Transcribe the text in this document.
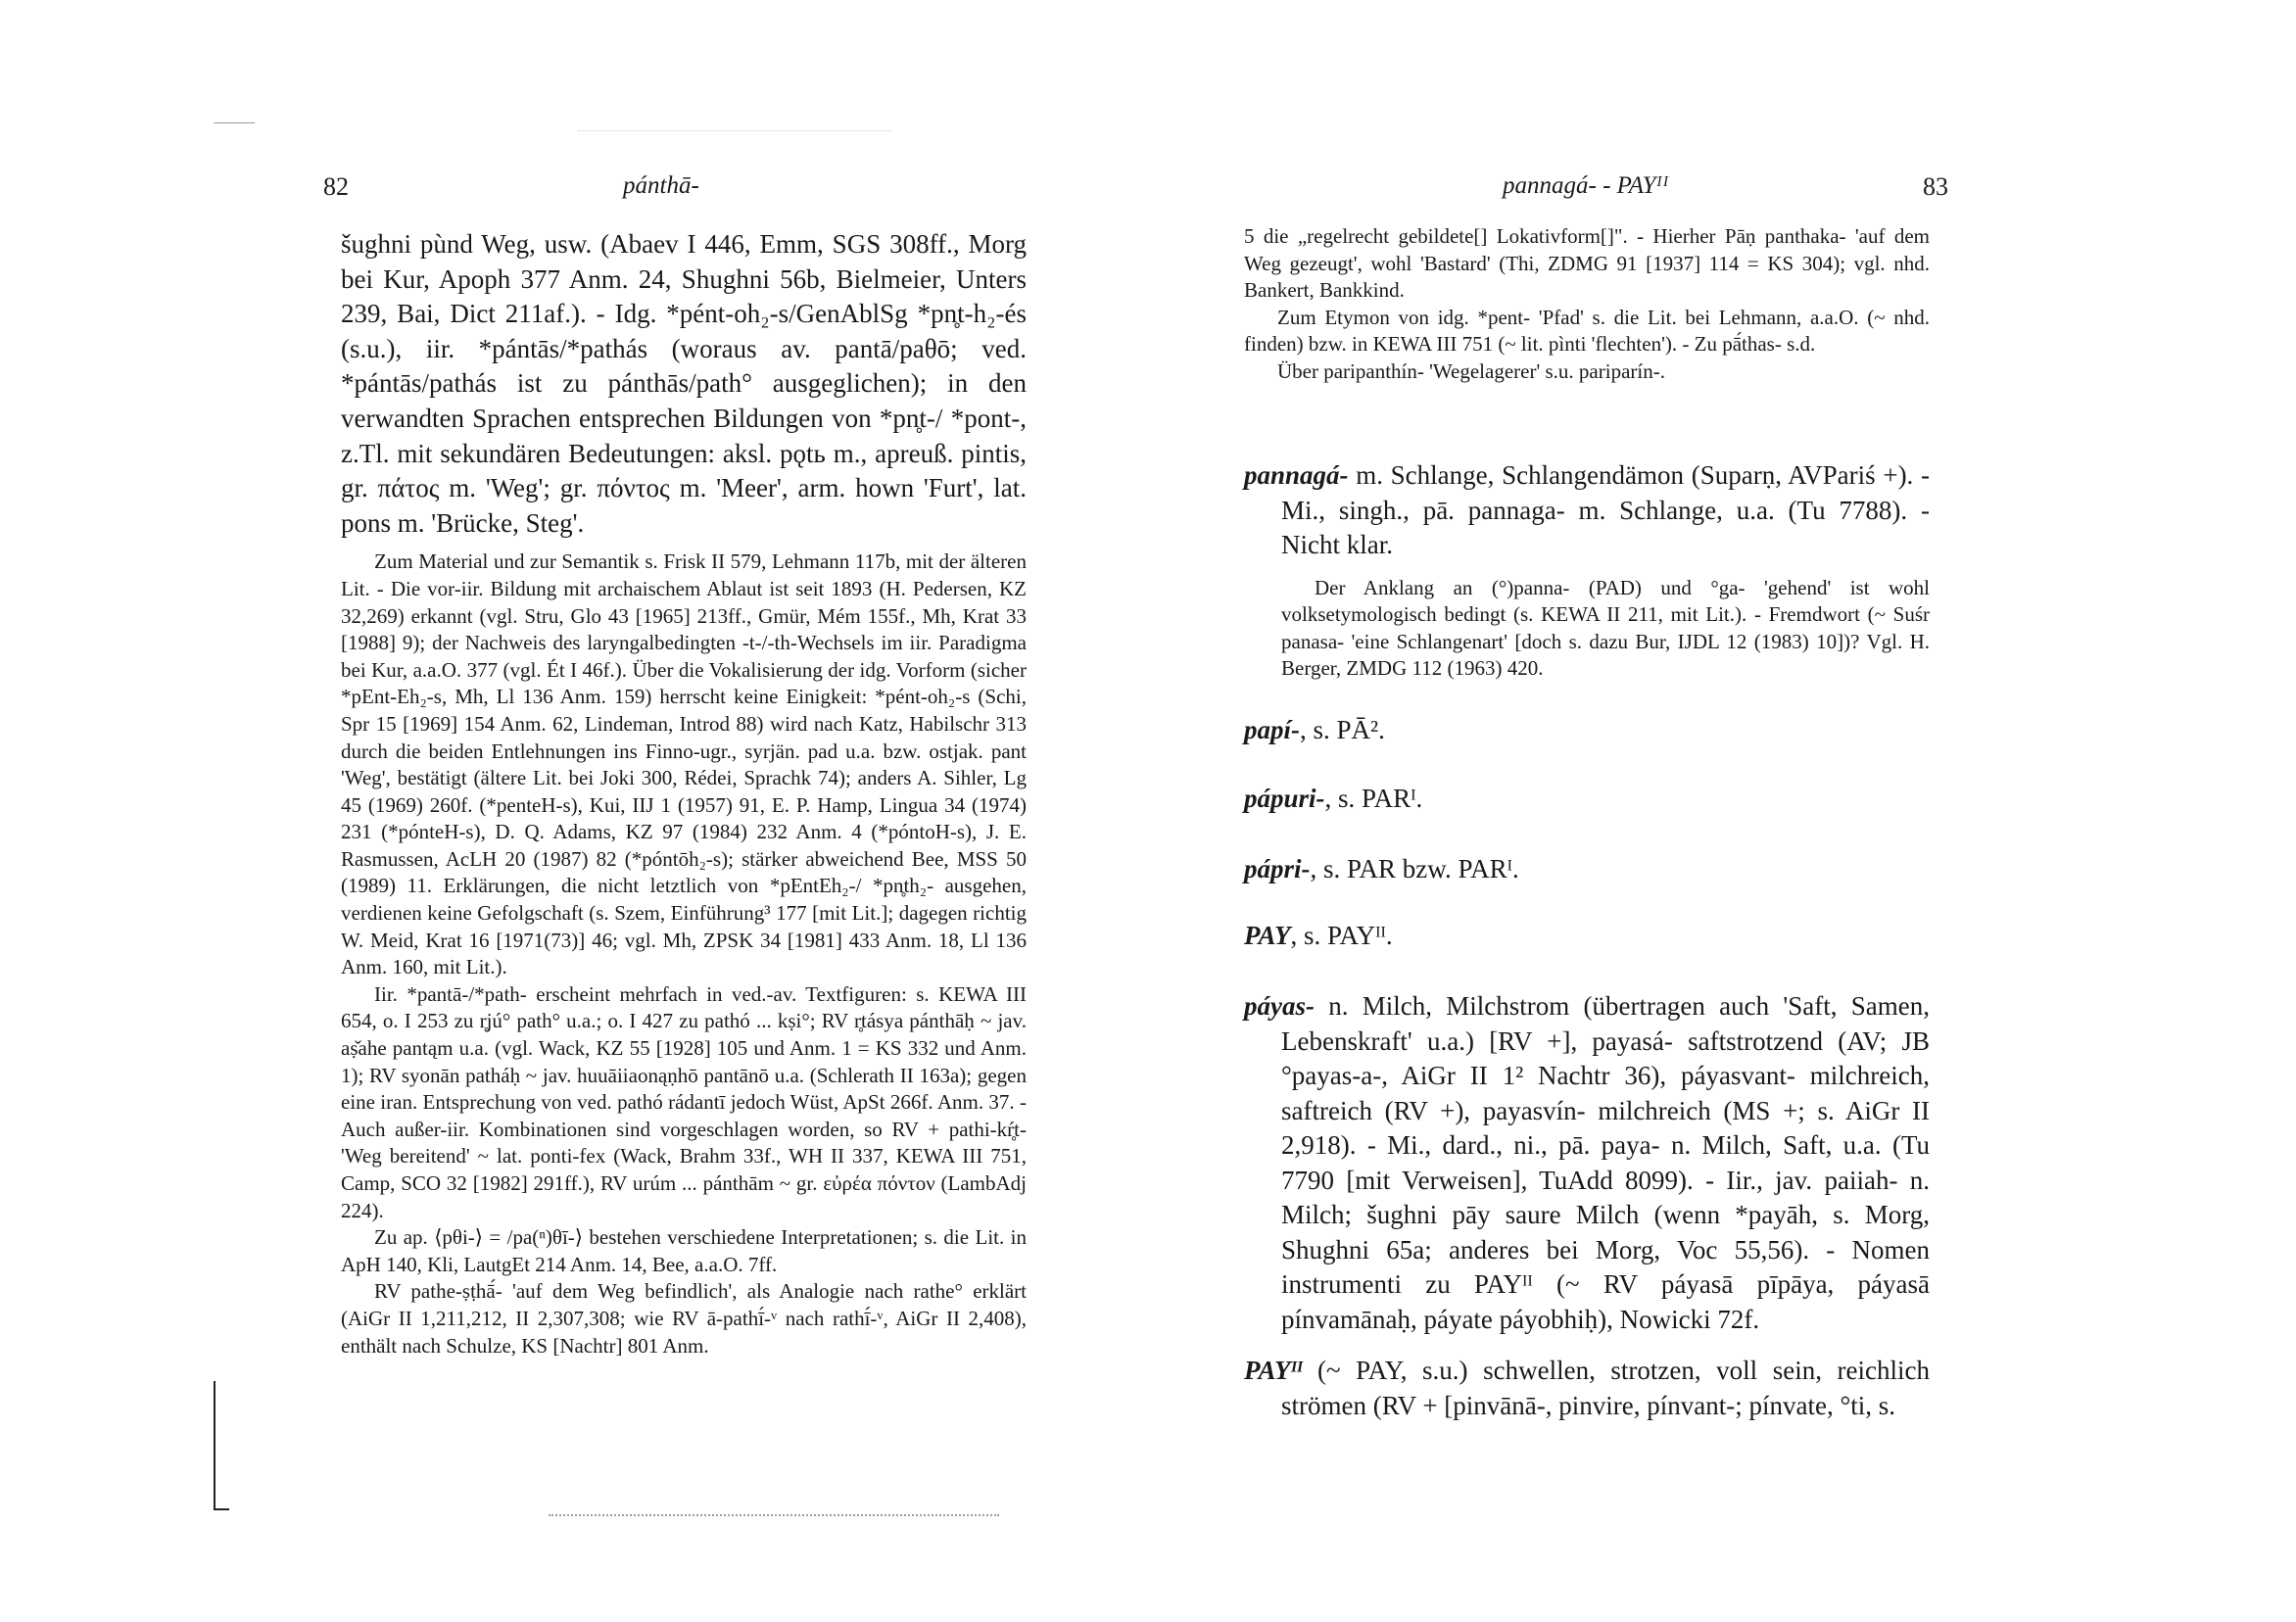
82	pánthā-

šughni pùnd Weg, usw. (Abaev I 446, Emm, SGS 308ff., Morg bei Kur, Apoph 377 Anm. 24, Shughni 56b, Bielmeier, Unters 239, Bai, Dict 211af.). - Idg. *pént-oh₂-s/GenAblSg *pn̥t-h₂-és (s.u.), iir. *pántās/*pathás (woraus av. pantā/paθō; ved. *pántās/pathás ist zu pánthās/path° ausgeglichen); in den verwandten Sprachen entsprechen Bildungen von *pn̥t-/ *pont-, z.Tl. mit sekundären Bedeutungen: aksl. pǫtь m., apreuß. pintis, gr. πάτος m. 'Weg'; gr. πόντος m. 'Meer', arm. hown 'Furt', lat. pons m. 'Brücke, Steg'.

Zum Material und zur Semantik s. Frisk II 579, Lehmann 117b, mit der älteren Lit. - Die vor-iir. Bildung mit archaischem Ablaut ist seit 1893 (H. Pedersen, KZ 32,269) erkannt (vgl. Stru, Glo 43 [1965] 213ff., Gmür, Mém 155f., Mh, Krat 33 [1988] 9); der Nachweis des laryngalbedingten -t-/-th-Wechsels im iir. Paradigma bei Kur, a.a.O. 377 (vgl. Ét I 46f.). Über die Vokalisierung der idg. Vorform (sicher *pEnt-Eh₂-s, Mh, Ll 136 Anm. 159) herrscht keine Einigkeit: *pént-oh₂-s (Schi, Spr 15 [1969] 154 Anm. 62, Lindeman, Introd 88) wird nach Katz, Habilschr 313 durch die beiden Entlehnungen ins Finno-ugr., syrjän. pad u.a. bzw. ostjak. pant 'Weg', bestätigt (ältere Lit. bei Joki 300, Rédei, Sprachk 74); anders A. Sihler, Lg 45 (1969) 260f. (*penteH-s), Kui, IIJ 1 (1957) 91, E. P. Hamp, Lingua 34 (1974) 231 (*pónteH-s), D. Q. Adams, KZ 97 (1984) 232 Anm. 4 (*póntoH-s), J. E. Rasmussen, AcLH 20 (1987) 82 (*póntōh₂-s); stärker abweichend Bee, MSS 50 (1989) 11. Erklärungen, die nicht letztlich von *pEntEh₂-/ *pn̥th₂- ausgehen, verdienen keine Gefolgschaft (s. Szem, Einführung³ 177 [mit Lit.]; dagegen richtig W. Meid, Krat 16 [1971(73)] 46; vgl. Mh, ZPSK 34 [1981] 433 Anm. 18, Ll 136 Anm. 160, mit Lit.).

Iir. *pantā-/*path- erscheint mehrfach in ved.-av. Textfiguren: s. KEWA III 654, o. I 253 zu r̥jú° path° u.a.; o. I 427 zu pathó ... kṣi°; RV r̥tásya pánthāḥ ~ jav. aṣ̌ahe pantąm u.a. (vgl. Wack, KZ 55 [1928] 105 und Anm. 1 = KS 332 und Anm. 1); RV syonān patháḥ ~ jav. huuāiiaonąṇhō pantānō u.a. (Schlerath II 163a); gegen eine iran. Entsprechung von ved. pathó rádantī jedoch Wüst, ApSt 266f. Anm. 37. - Auch außer-iir. Kombinationen sind vorgeschlagen worden, so RV + pathi-kŕ̥t- 'Weg bereitend' ~ lat. ponti-fex (Wack, Brahm 33f., WH II 337, KEWA III 751, Camp, SCO 32 [1982] 291ff.), RV urúm ... pánthām ~ gr. εὐρέα πόντον (LambAdj 224).

Zu ap. ⟨pθi-⟩ = /pa(ⁿ)θī-⟩ bestehen verschiedene Interpretationen; s. die Lit. in ApH 140, Kli, LautgEt 214 Anm. 14, Bee, a.a.O. 7ff.

RV pathe-ṣṭhā́- 'auf dem Weg befindlich', als Analogie nach rathe° erklärt (AiGr II 1,211,212, II 2,307,308; wie RV ā-pathī́-ᵛ nach rathī́-ᵛ, AiGr II 2,408), enthält nach Schulze, KS [Nachtr] 801 Anm.

pannagá- - PAYᴵᴵ	83

5 die „regelrecht gebildete[] Lokativform[]". - Hierher Pāṇ panthaka- 'auf dem Weg gezeugt', wohl 'Bastard' (Thi, ZDMG 91 [1937] 114 = KS 304); vgl. nhd. Bankert, Bankkind.

Zum Etymon von idg. *pent- 'Pfad' s. die Lit. bei Lehmann, a.a.O. (~ nhd. finden) bzw. in KEWA III 751 (~ lit. pìnti 'flechten'). - Zu pā́thas- s.d.

Über paripanthín- 'Wegelagerer' s.u. pariparín-.

pannagá- m. Schlange, Schlangendämon (Suparṇ, AVPariś +). - Mi., singh., pā. pannaga- m. Schlange, u.a. (Tu 7788). - Nicht klar.

Der Anklang an (°)panna- (PAD) und °ga- 'gehend' ist wohl volksetymologisch bedingt (s. KEWA II 211, mit Lit.). - Fremdwort (~ Suśr panasa- 'eine Schlangenart' [doch s. dazu Bur, IJDL 12 (1983) 10])? Vgl. H. Berger, ZMDG 112 (1963) 420.

papí-, s. PĀ².
pápuri-, s. PARᴵ.
pápri-, s. PAR bzw. PARᴵ.
PAY, s. PAYᴵᴵ.

páyas- n. Milch, Milchstrom (übertragen auch 'Saft, Samen, Lebenskraft' u.a.) [RV +], payasá- saftstrotzend (AV; JB °payas-a-, AiGr II 1² Nachtr 36), páyasvant- milchreich, saftreich (RV +), payasvín- milchreich (MS +; s. AiGr II 2,918). - Mi., dard., ni., pā. paya- n. Milch, Saft, u.a. (Tu 7790 [mit Verweisen], TuAdd 8099). - Iir., jav. paiiah- n. Milch; šughni pāy saure Milch (wenn *payāh, s. Morg, Shughni 65a; anderes bei Morg, Voc 55,56). - Nomen instrumenti zu PAYᴵᴵ (~ RV páyasā pīpāya, páyasā pínvamānaḥ, páyate páyobhiḥ), Nowicki 72f.

PAYᴵᴵ (~ PAY, s.u.) schwellen, strotzen, voll sein, reichlich strömen (RV + [pinvānā-, pinvire, pínvant-; pínvate, °ti, s.
